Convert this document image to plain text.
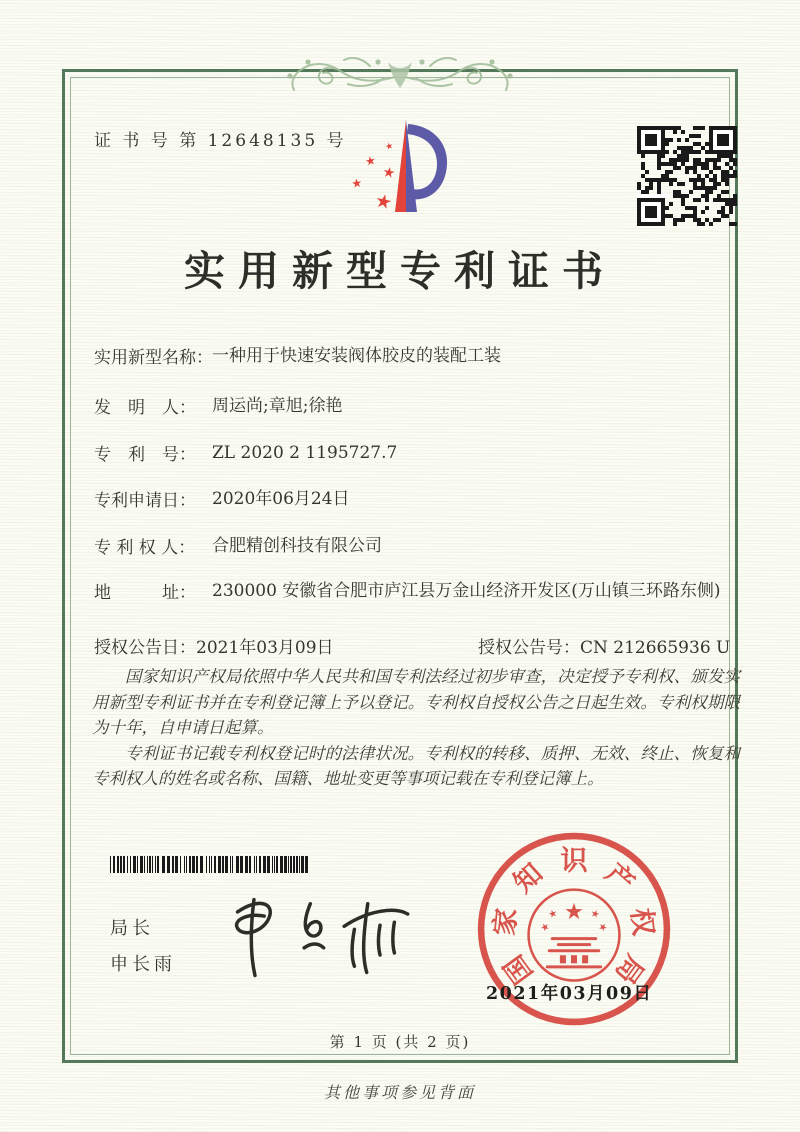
证 书 号 第 12648135 号	★
★
★
★
★
实用新型专利证书
实用新型名称：一种用于快速安装阀体胶皮的装配工装
发　明　人： 周运尚;章旭;徐艳
专　利　号： ZL 2020 2 1195727.7
专利申请日： 2020年06月24日
专 利 权 人： 合肥精创科技有限公司
地　　　址： 230000 安徽省合肥市庐江县万金山经济开发区(万山镇三环路东侧)
授权公告日：2021年03月09日	授权公告号：CN 212665936 U

国家知识产权局依照中华人民共和国专利法经过初步审查，决定授予专利权、颁发实用新型专利证书并在专利登记簿上予以登记。专利权自授权公告之日起生效。专利权期限为十年，自申请日起算。

专利证书记载专利权登记时的法律状况。专利权的转移、质押、无效、终止、恢复和专利权人的姓名或名称、国籍、地址变更等事项记载在专利登记簿上。

局长
申长雨	国
家
知 识 产
权
局
★
★
★
★
★
2021年03月09日
第 1 页 (共 2 页)
其他事项参见背面
